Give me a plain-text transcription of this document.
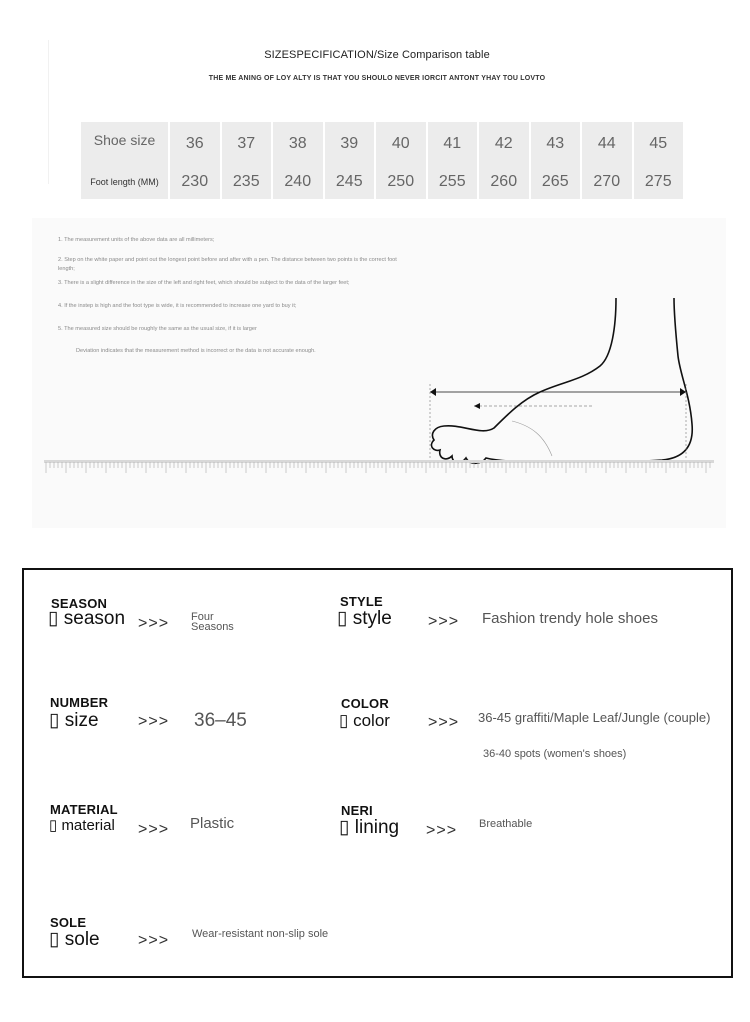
SIZESPECIFICATION/Size Comparison table
THE ME ANING OF LOY ALTY IS THAT YOU SHOULO NEVER IORCIT ANTONT YHAY TOU LOVTO
Shoe size	36	37	38	39	40	41	42	43	44	45
Foot length (MM)	230	235	240	245	250	255	260	265	270	275
1. The measurement units of the above data are all millimeters;
2. Step on the white paper and point out the longest point before and after with a pen. The distance between two points is the correct foot length;
3. There is a slight difference in the size of the left and right feet, which should be subject to the data of the larger feet;
4. If the instep is high and the foot type is wide, it is recommended to increase one yard to buy it;
5. The measured size should be roughly the same as the usual size, if it is larger
Deviation indicates that the measurement method is incorrect or the data is not accurate enough.
SEASON
▯ season >>> Four Seasons
STYLE
▯ style >>> Fashion trendy hole shoes
NUMBER
▯ size >>> 36–45
COLOR
▯ color >>> 36-45 graffiti/Maple Leaf/Jungle (couple)
36-40 spots (women's shoes)
MATERIAL
▯ material >>> Plastic
NERI
▯ lining >>> Breathable
SOLE
▯ sole >>> Wear-resistant non-slip sole
